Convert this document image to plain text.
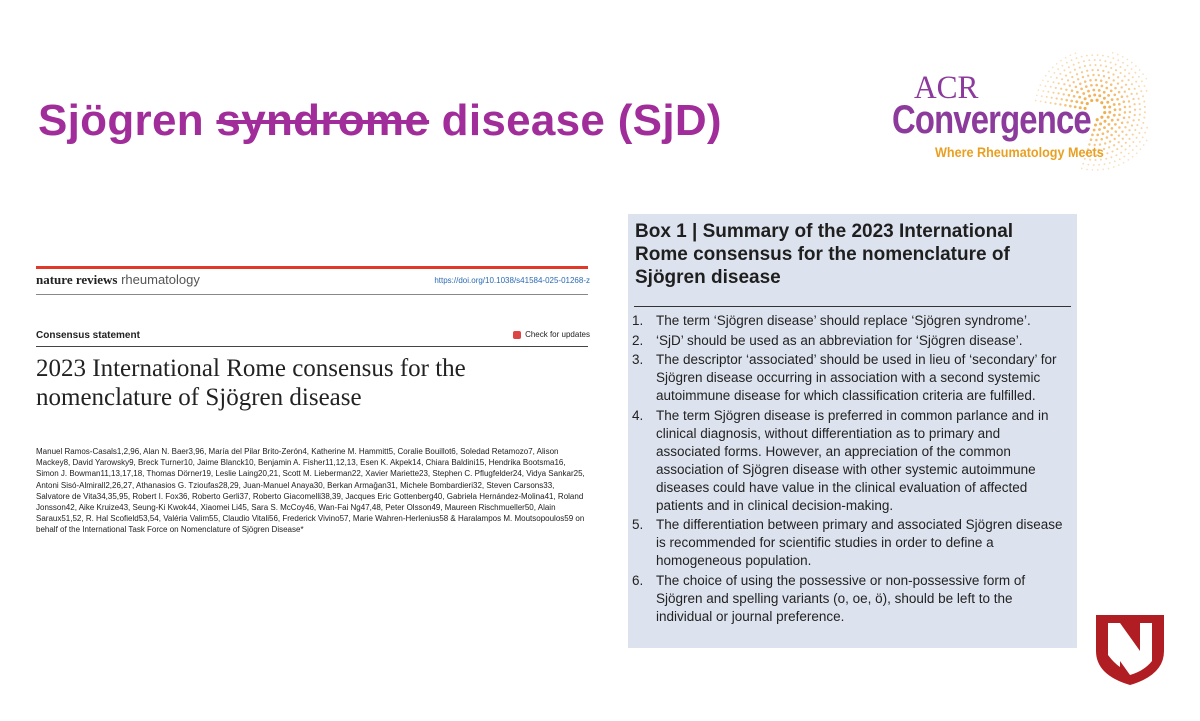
Sjögren syndrome disease (SjD)
ACR
Convergence
Where Rheumatology Meets
nature reviews rheumatology	https://doi.org/10.1038/s41584-025-01268-z
Consensus statement	Check for updates
2023 International Rome consensus for the nomenclature of Sjögren disease
Manuel Ramos-Casals1,2,96, Alan N. Baer3,96, María del Pilar Brito-Zerón4, Katherine M. Hammitt5, Coralie Bouillot6, Soledad Retamozo7, Alison Mackey8, David Yarowsky9, Breck Turner10, Jaime Blanck10, Benjamin A. Fisher11,12,13, Esen K. Akpek14, Chiara Baldini15, Hendrika Bootsma16, Simon J. Bowman11,13,17,18, Thomas Dörner19, Leslie Laing20,21, Scott M. Lieberman22, Xavier Mariette23, Stephen C. Pflugfelder24, Vidya Sankar25, Antoni Sisó-Almirall2,26,27, Athanasios G. Tzioufas28,29, Juan-Manuel Anaya30, Berkan Armağan31, Michele Bombardieri32, Steven Carsons33, Salvatore de Vita34,35,95, Robert I. Fox36, Roberto Gerli37, Roberto Giacomelli38,39, Jacques Eric Gottenberg40, Gabriela Hernández-Molina41, Roland Jonsson42, Aike Kruize43, Seung-Ki Kwok44, Xiaomei Li45, Sara S. McCoy46, Wan-Fai Ng47,48, Peter Olsson49, Maureen Rischmueller50, Alain Saraux51,52, R. Hal Scofield53,54, Valéria Valim55, Claudio Vitali56, Frederick Vivino57, Marie Wahren-Herlenius58 & Haralampos M. Moutsopoulos59 on behalf of the International Task Force on Nomenclature of Sjögren Disease*
Box 1 | Summary of the 2023 International Rome consensus for the nomenclature of Sjögren disease
1. The term ‘Sjögren disease’ should replace ‘Sjögren syndrome’.
2. ‘SjD’ should be used as an abbreviation for ‘Sjögren disease’.
3. The descriptor ‘associated’ should be used in lieu of ‘secondary’ for Sjögren disease occurring in association with a second systemic autoimmune disease for which classification criteria are fulfilled.
4. The term Sjögren disease is preferred in common parlance and in clinical diagnosis, without differentiation as to primary and associated forms. However, an appreciation of the common association of Sjögren disease with other systemic autoimmune diseases could have value in the clinical evaluation of affected patients and in clinical decision-making.
5. The differentiation between primary and associated Sjögren disease is recommended for scientific studies in order to define a homogeneous population.
6. The choice of using the possessive or non-possessive form of Sjögren and spelling variants (o, oe, ö), should be left to the individual or journal preference.
®
